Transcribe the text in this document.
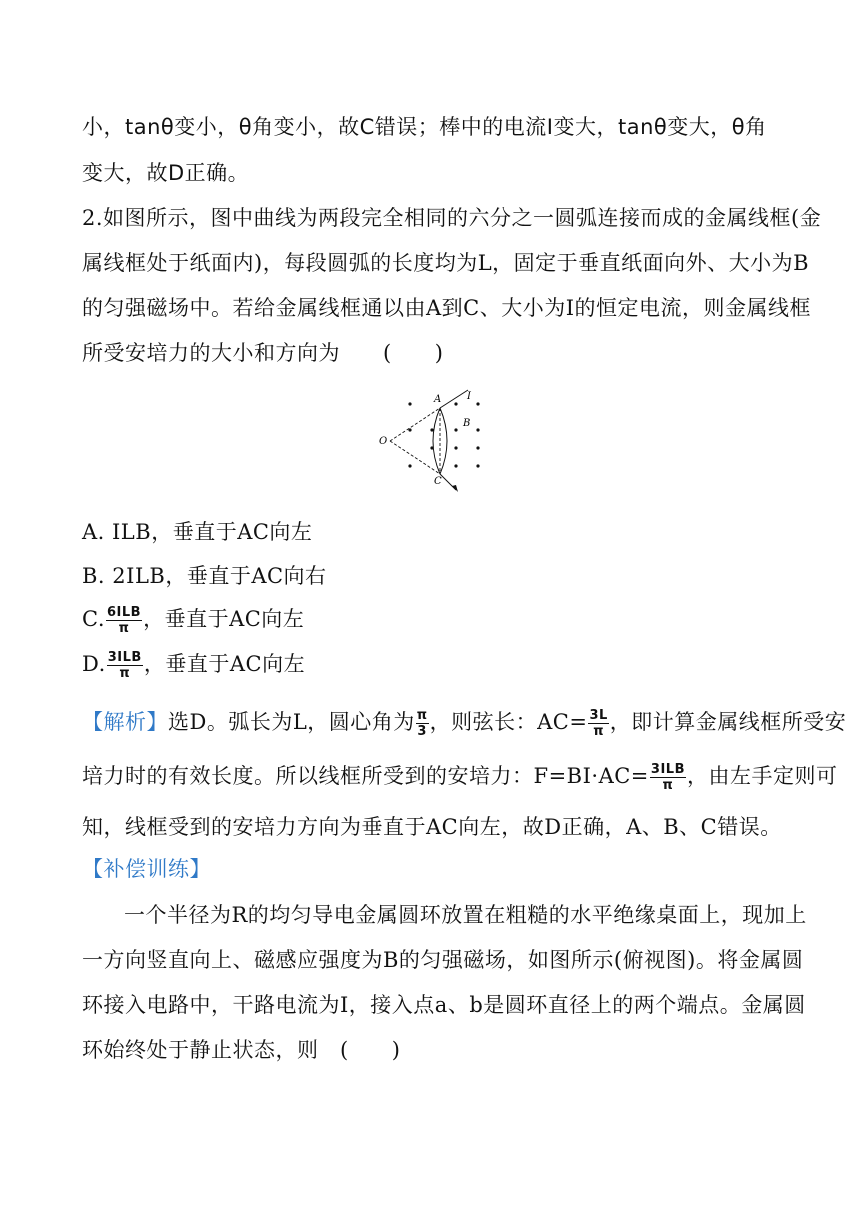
小，tanθ变小，θ角变小，故C错误；棒中的电流I变大，tanθ变大，θ角
变大，故D正确。
2.如图所示，图中曲线为两段完全相同的六分之一圆弧连接而成的金属线框(金
属线框处于纸面内)，每段圆弧的长度均为L，固定于垂直纸面向外、大小为B
的匀强磁场中。若给金属线框通以由A到C、大小为I的恒定电流，则金属线框
所受安培力的大小和方向为　　(　　)
A	I
B
O
C
A. ILB，垂直于AC向左
B. 2ILB，垂直于AC向右
C. $\frac{\text{6ILB}}{\pi}$ ，垂直于AC向左
D. $\frac{\text{3ILB}}{\pi}$ ，垂直于AC向左
【解析】选D。弧长为L，圆心角为 $\frac{\pi}{3}$ ，则弦长：$AC= \frac{3L}{\pi}$ ，即计算金属线框所受安
培力时的有效长度。所以线框所受到的安培力：$F=BI\cdot AC= \frac{\text{3ILB}}{\pi}$ ，由左手定则可
知，线框受到的安培力方向为垂直于AC向左，故D正确，A、B、C错误。
【补偿训练】
一个半径为R的均匀导电金属圆环放置在粗糙的水平绝缘桌面上，现加上
一方向竖直向上、磁感应强度为B的匀强磁场，如图所示(俯视图)。将金属圆
环接入电路中，干路电流为I，接入点a、b是圆环直径上的两个端点。金属圆
环始终处于静止状态，则　(　　)
